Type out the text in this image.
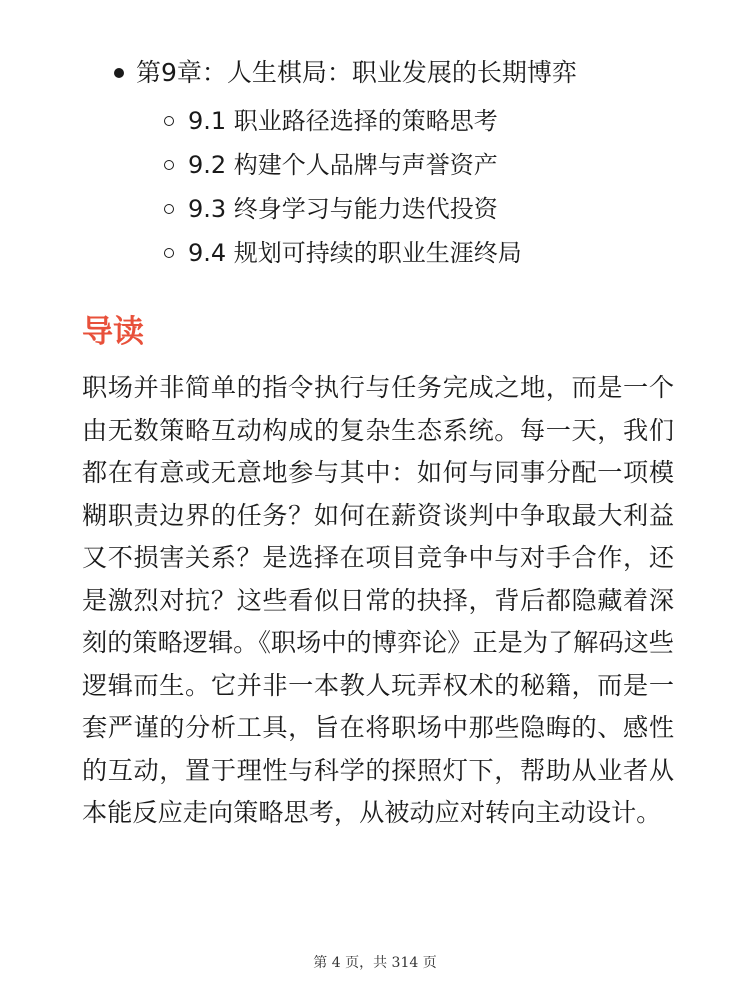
第9章：人生棋局：职业发展的长期博弈
9.1 职业路径选择的策略思考
9.2 构建个人品牌与声誉资产
9.3 终身学习与能力迭代投资
9.4 规划可持续的职业生涯终局
导读

职场并非简单的指令执行与任务完成之地，而是一个由无数策略互动构成的复杂生态系统。每一天，我们都在有意或无意地参与其中：如何与同事分配一项模糊职责边界的任务？如何在薪资谈判中争取最大利益又不损害关系？是选择在项目竞争中与对手合作，还是激烈对抗？这些看似日常的抉择，背后都隐藏着深刻的策略逻辑。《职场中的博弈论》正是为了解码这些逻辑而生。它并非一本教人玩弄权术的秘籍，而是一套严谨的分析工具，旨在将职场中那些隐晦的、感性的互动，置于理性与科学的探照灯下，帮助从业者从本能反应走向策略思考，从被动应对转向主动设计。

第 4 页，共 314 页
